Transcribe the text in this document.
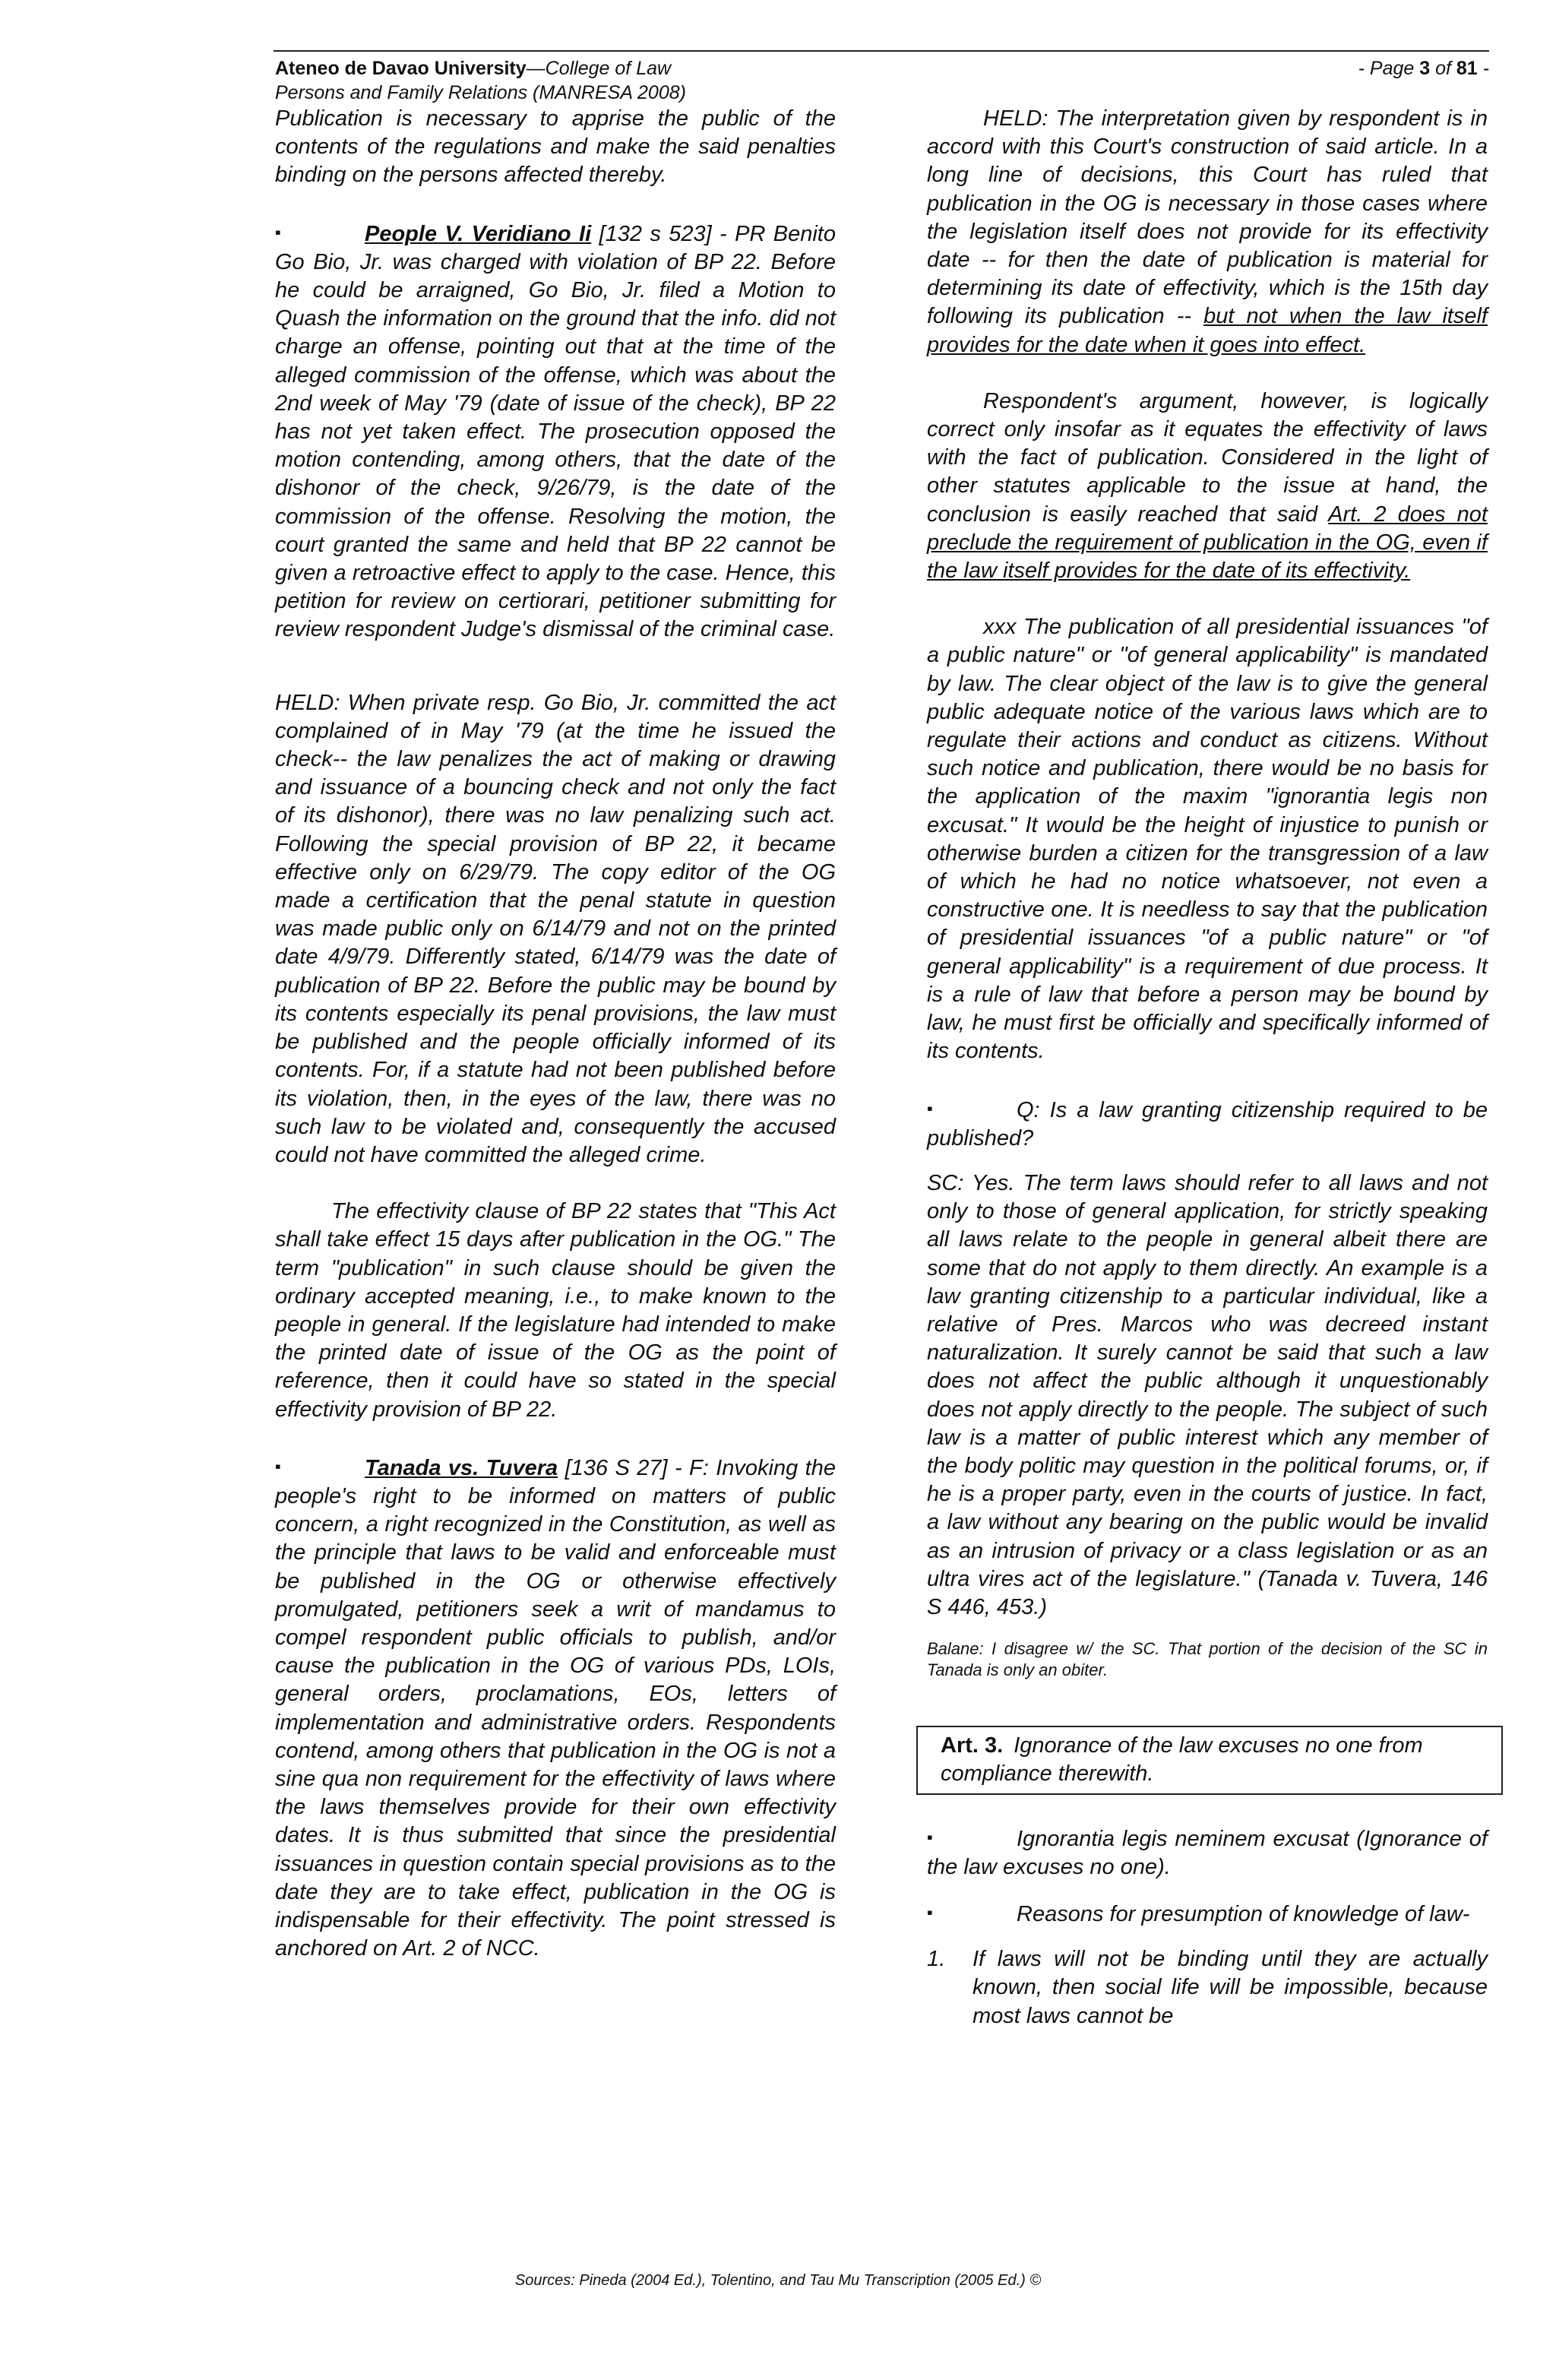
Ateneo de Davao University—College of Law	- Page 3 of 81 -
Persons and Family Relations (MANRESA 2008)

Publication is necessary to apprise the public of the contents of the regulations and make the said penalties binding on the persons affected thereby.

▪	People V. Veridiano Ii [132 s 523] - PR Benito Go Bio, Jr. was charged with violation of BP 22. Before he could be arraigned, Go Bio, Jr. filed a Motion to Quash the information on the ground that the info. did not charge an offense, pointing out that at the time of the alleged commission of the offense, which was about the 2nd week of May '79 (date of issue of the check), BP 22 has not yet taken effect. The prosecution opposed the motion contending, among others, that the date of the dishonor of the check, 9/26/79, is the date of the commission of the offense. Resolving the motion, the court granted the same and held that BP 22 cannot be given a retroactive effect to apply to the case. Hence, this petition for review on certiorari, petitioner submitting for review respondent Judge's dismissal of the criminal case.

HELD: When private resp. Go Bio, Jr. committed the act complained of in May '79 (at the time he issued the check-- the law penalizes the act of making or drawing and issuance of a bouncing check and not only the fact of its dishonor), there was no law penalizing such act. Following the special provision of BP 22, it became effective only on 6/29/79. The copy editor of the OG made a certification that the penal statute in question was made public only on 6/14/79 and not on the printed date 4/9/79. Differently stated, 6/14/79 was the date of publication of BP 22. Before the public may be bound by its contents especially its penal provisions, the law must be published and the people officially informed of its contents. For, if a statute had not been published before its violation, then, in the eyes of the law, there was no such law to be violated and, consequently the accused could not have committed the alleged crime.

The effectivity clause of BP 22 states that "This Act shall take effect 15 days after publication in the OG." The term "publication" in such clause should be given the ordinary accepted meaning, i.e., to make known to the people in general. If the legislature had intended to make the printed date of issue of the OG as the point of reference, then it could have so stated in the special effectivity provision of BP 22.

▪	Tanada vs. Tuvera [136 S 27] - F: Invoking the people's right to be informed on matters of public concern, a right recognized in the Constitution, as well as the principle that laws to be valid and enforceable must be published in the OG or otherwise effectively promulgated, petitioners seek a writ of mandamus to compel respondent public officials to publish, and/or cause the publication in the OG of various PDs, LOIs, general orders, proclamations, EOs, letters of implementation and administrative orders. Respondents contend, among others that publication in the OG is not a sine qua non requirement for the effectivity of laws where the laws themselves provide for their own effectivity dates. It is thus submitted that since the presidential issuances in question contain special provisions as to the date they are to take effect, publication in the OG is indispensable for their effectivity. The point stressed is anchored on Art. 2 of NCC.

HELD: The interpretation given by respondent is in accord with this Court's construction of said article. In a long line of decisions, this Court has ruled that publication in the OG is necessary in those cases where the legislation itself does not provide for its effectivity date -- for then the date of publication is material for determining its date of effectivity, which is the 15th day following its publication -- but not when the law itself provides for the date when it goes into effect.

Respondent's argument, however, is logically correct only insofar as it equates the effectivity of laws with the fact of publication. Considered in the light of other statutes applicable to the issue at hand, the conclusion is easily reached that said Art. 2 does not preclude the requirement of publication in the OG, even if the law itself provides for the date of its effectivity.

xxx The publication of all presidential issuances "of a public nature" or "of general applicability" is mandated by law. The clear object of the law is to give the general public adequate notice of the various laws which are to regulate their actions and conduct as citizens. Without such notice and publication, there would be no basis for the application of the maxim "ignorantia legis non excusat." It would be the height of injustice to punish or otherwise burden a citizen for the transgression of a law of which he had no notice whatsoever, not even a constructive one. It is needless to say that the publication of presidential issuances "of a public nature" or "of general applicability" is a requirement of due process. It is a rule of law that before a person may be bound by law, he must first be officially and specifically informed of its contents.

▪	Q: Is a law granting citizenship required to be published?

SC: Yes. The term laws should refer to all laws and not only to those of general application, for strictly speaking all laws relate to the people in general albeit there are some that do not apply to them directly. An example is a law granting citizenship to a particular individual, like a relative of Pres. Marcos who was decreed instant naturalization. It surely cannot be said that such a law does not affect the public although it unquestionably does not apply directly to the people. The subject of such law is a matter of public interest which any member of the body politic may question in the political forums, or, if he is a proper party, even in the courts of justice. In fact, a law without any bearing on the public would be invalid as an intrusion of privacy or a class legislation or as an ultra vires act of the legislature." (Tanada v. Tuvera, 146 S 446, 453.)

Balane: I disagree w/ the SC. That portion of the decision of the SC in Tanada is only an obiter.

Art. 3. Ignorance of the law excuses no one from compliance therewith.

▪	Ignorantia legis neminem excusat (Ignorance of the law excuses no one).

▪	Reasons for presumption of knowledge of law-

1.	If laws will not be binding until they are actually known, then social life will be impossible, because most laws cannot be
Sources: Pineda (2004 Ed.), Tolentino, and Tau Mu Transcription (2005 Ed.) ©
